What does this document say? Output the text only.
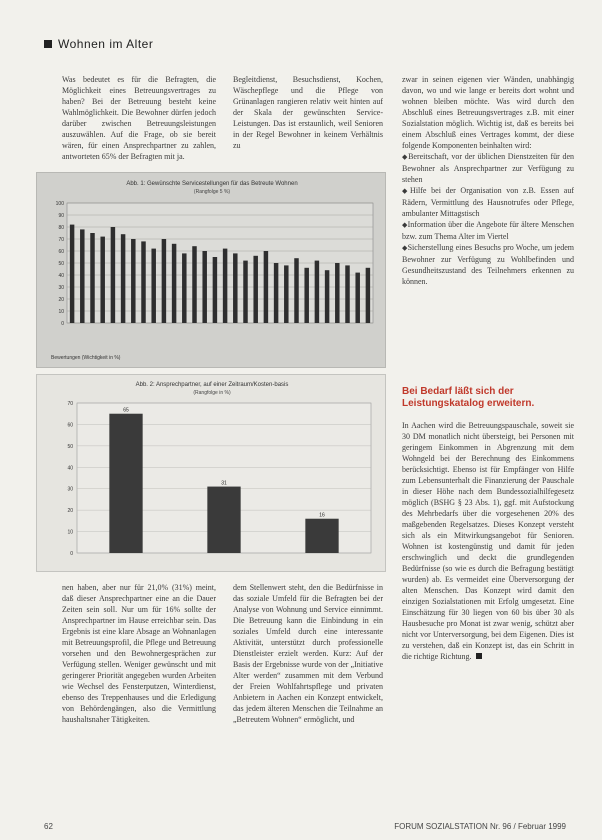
Wohnen im Alter

Was bedeutet es für die Befragten, die Möglichkeit eines Betreuungsvertrages zu haben? Bei der Betreuung besteht keine Wahlmöglichkeit. Die Bewohner dürfen jedoch darüber zwischen Betreuungsleistungen auszuwählen. Auf die Frage, ob sie bereit wären, für einen Ansprechpartner zu zahlen, antworteten 65% der Befragten mit ja.

Begleitdienst, Besuchsdienst, Kochen, Wäschepflege und die Pflege von Grünanlagen rangieren relativ weit hinten auf der Skala der gewünschten Service-Leistungen. Das ist erstaunlich, weil Senioren in der Regel Bewohner in keinem Verhältnis zu

zwar in seinen eigenen vier Wänden, unabhängig davon, wo und wie lange er bereits dort wohnt und wohnen bleiben möchte. Was wird durch den Abschluß eines Betreuungsvertrages z.B. mit einer Sozialstation möglich. Wichtig ist, daß es bereits bei einem Abschluß eines Vertrages kommt, der diese folgende Komponenten beinhalten wird:

◆ Bereitschaft, vor der üblichen Dienstzeiten für den Bewohner als Ansprechpartner zur Verfügung zu stehen

◆ Hilfe bei der Organisation von z.B. Essen auf Rädern, Vermittlung des Hausnotrufes oder Pflege, ambulanter Mittagstisch

◆ Information über die Angebote für ältere Menschen bzw. zum Thema Alter im Viertel

◆ Sicherstellung eines Besuchs pro Woche, um jedem Bewohner zur Verfügung zu Wohlbefinden und Gesundheitszustand des Teilnehmers erkennen zu können.

Bei Bedarf läßt sich der Leistungskatalog erweitern.

In Aachen wird die Betreuungspauschale, soweit sie 30 DM monatlich nicht übersteigt, bei Personen mit geringem Einkommen in Abgrenzung mit dem Wohngeld bei der Berechnung des Einkommens berücksichtigt. Ebenso ist für Empfänger von Hilfe zum Lebensunterhalt die Finanzierung der Pauschale in dieser Höhe nach dem Bundessozialhilfegesetz möglich (BSHG § 23 Abs. 1), ggf. mit Aufstockung des Mehrbedarfs über die vorgesehenen 20% des maßgebenden Regelsatzes. Dieses Konzept versteht sich als ein Mitwirkungsangebot für Senioren. Wohnen ist kostengünstig und damit für jeden erschwinglich und deckt die grundlegenden Bedürfnisse (so wie es durch die Befragung bestätigt wurden) ab. Es vermeidet eine Überversorgung der alten Menschen. Das Konzept wird damit den einzigen Sozialstationen mit Erfolg umgesetzt. Eine Einschätzung für 30 liegen von 60 bis über 30 als Hausbesuche pro Monat ist zwar wenig, schützt aber nicht vor Unterversorgung, bei dem Eigenen. Dies ist zu verstehen, daß ein Konzept ist, das ein Schritt in die richtige Richtung.

Abb. 1: Gewünschte Servicestellungen für das Betreute Wohnen
(Rangfolge 5 %)
100
90
80
70
60
50
40
30
20
10
0
Bewertungen (Wichtigkeit in %)
Abb. 2: Ansprechpartner, auf einer Zeitraum/Kosten-basis
(Rangfolge in %)
65
31
16
70
60
50
40
30
20
10
0

nen haben, aber nur für 21,0% (31%) meint, daß dieser Ansprechpartner eine an die Dauer Zeiten sein soll. Nur um für 16% sollte der Ansprechpartner im Hause erreichbar sein. Das Ergebnis ist eine klare Absage an Wohnanlagen mit Betreuungsprofil, die Pflege und Betreuung vorsehen und den Bewohnergesprächen zur Verfügung stellen. Weniger gewünscht und mit geringerer Priorität angegeben wurden Arbeiten wie Wechsel des Fensterputzen, Winterdienst, ebenso des Treppenhauses und die Erledigung von Behördengängen, also die Vermittlung haushaltsnaher Tätigkeiten.

dem Stellenwert steht, den die Bedürfnisse in das soziale Umfeld für die Befragten bei der Analyse von Wohnung und Service einnimmt. Die Betreuung kann die Einbindung in ein soziales Umfeld durch eine interessante Aktivität, unterstützt durch professionelle Dienstleister erzielt werden. Kurz: Auf der Basis der Ergebnisse wurde von der „Initiative Alter werden“ zusammen mit dem Verbund der Freien Wohlfahrtspflege und privaten Anbietern in Aachen ein Konzept entwickelt, das jedem älteren Menschen die Teilnahme an „Betreutem Wohnen“ ermöglicht, und

62	FORUM SOZIALSTATION Nr. 96 / Februar 1999
